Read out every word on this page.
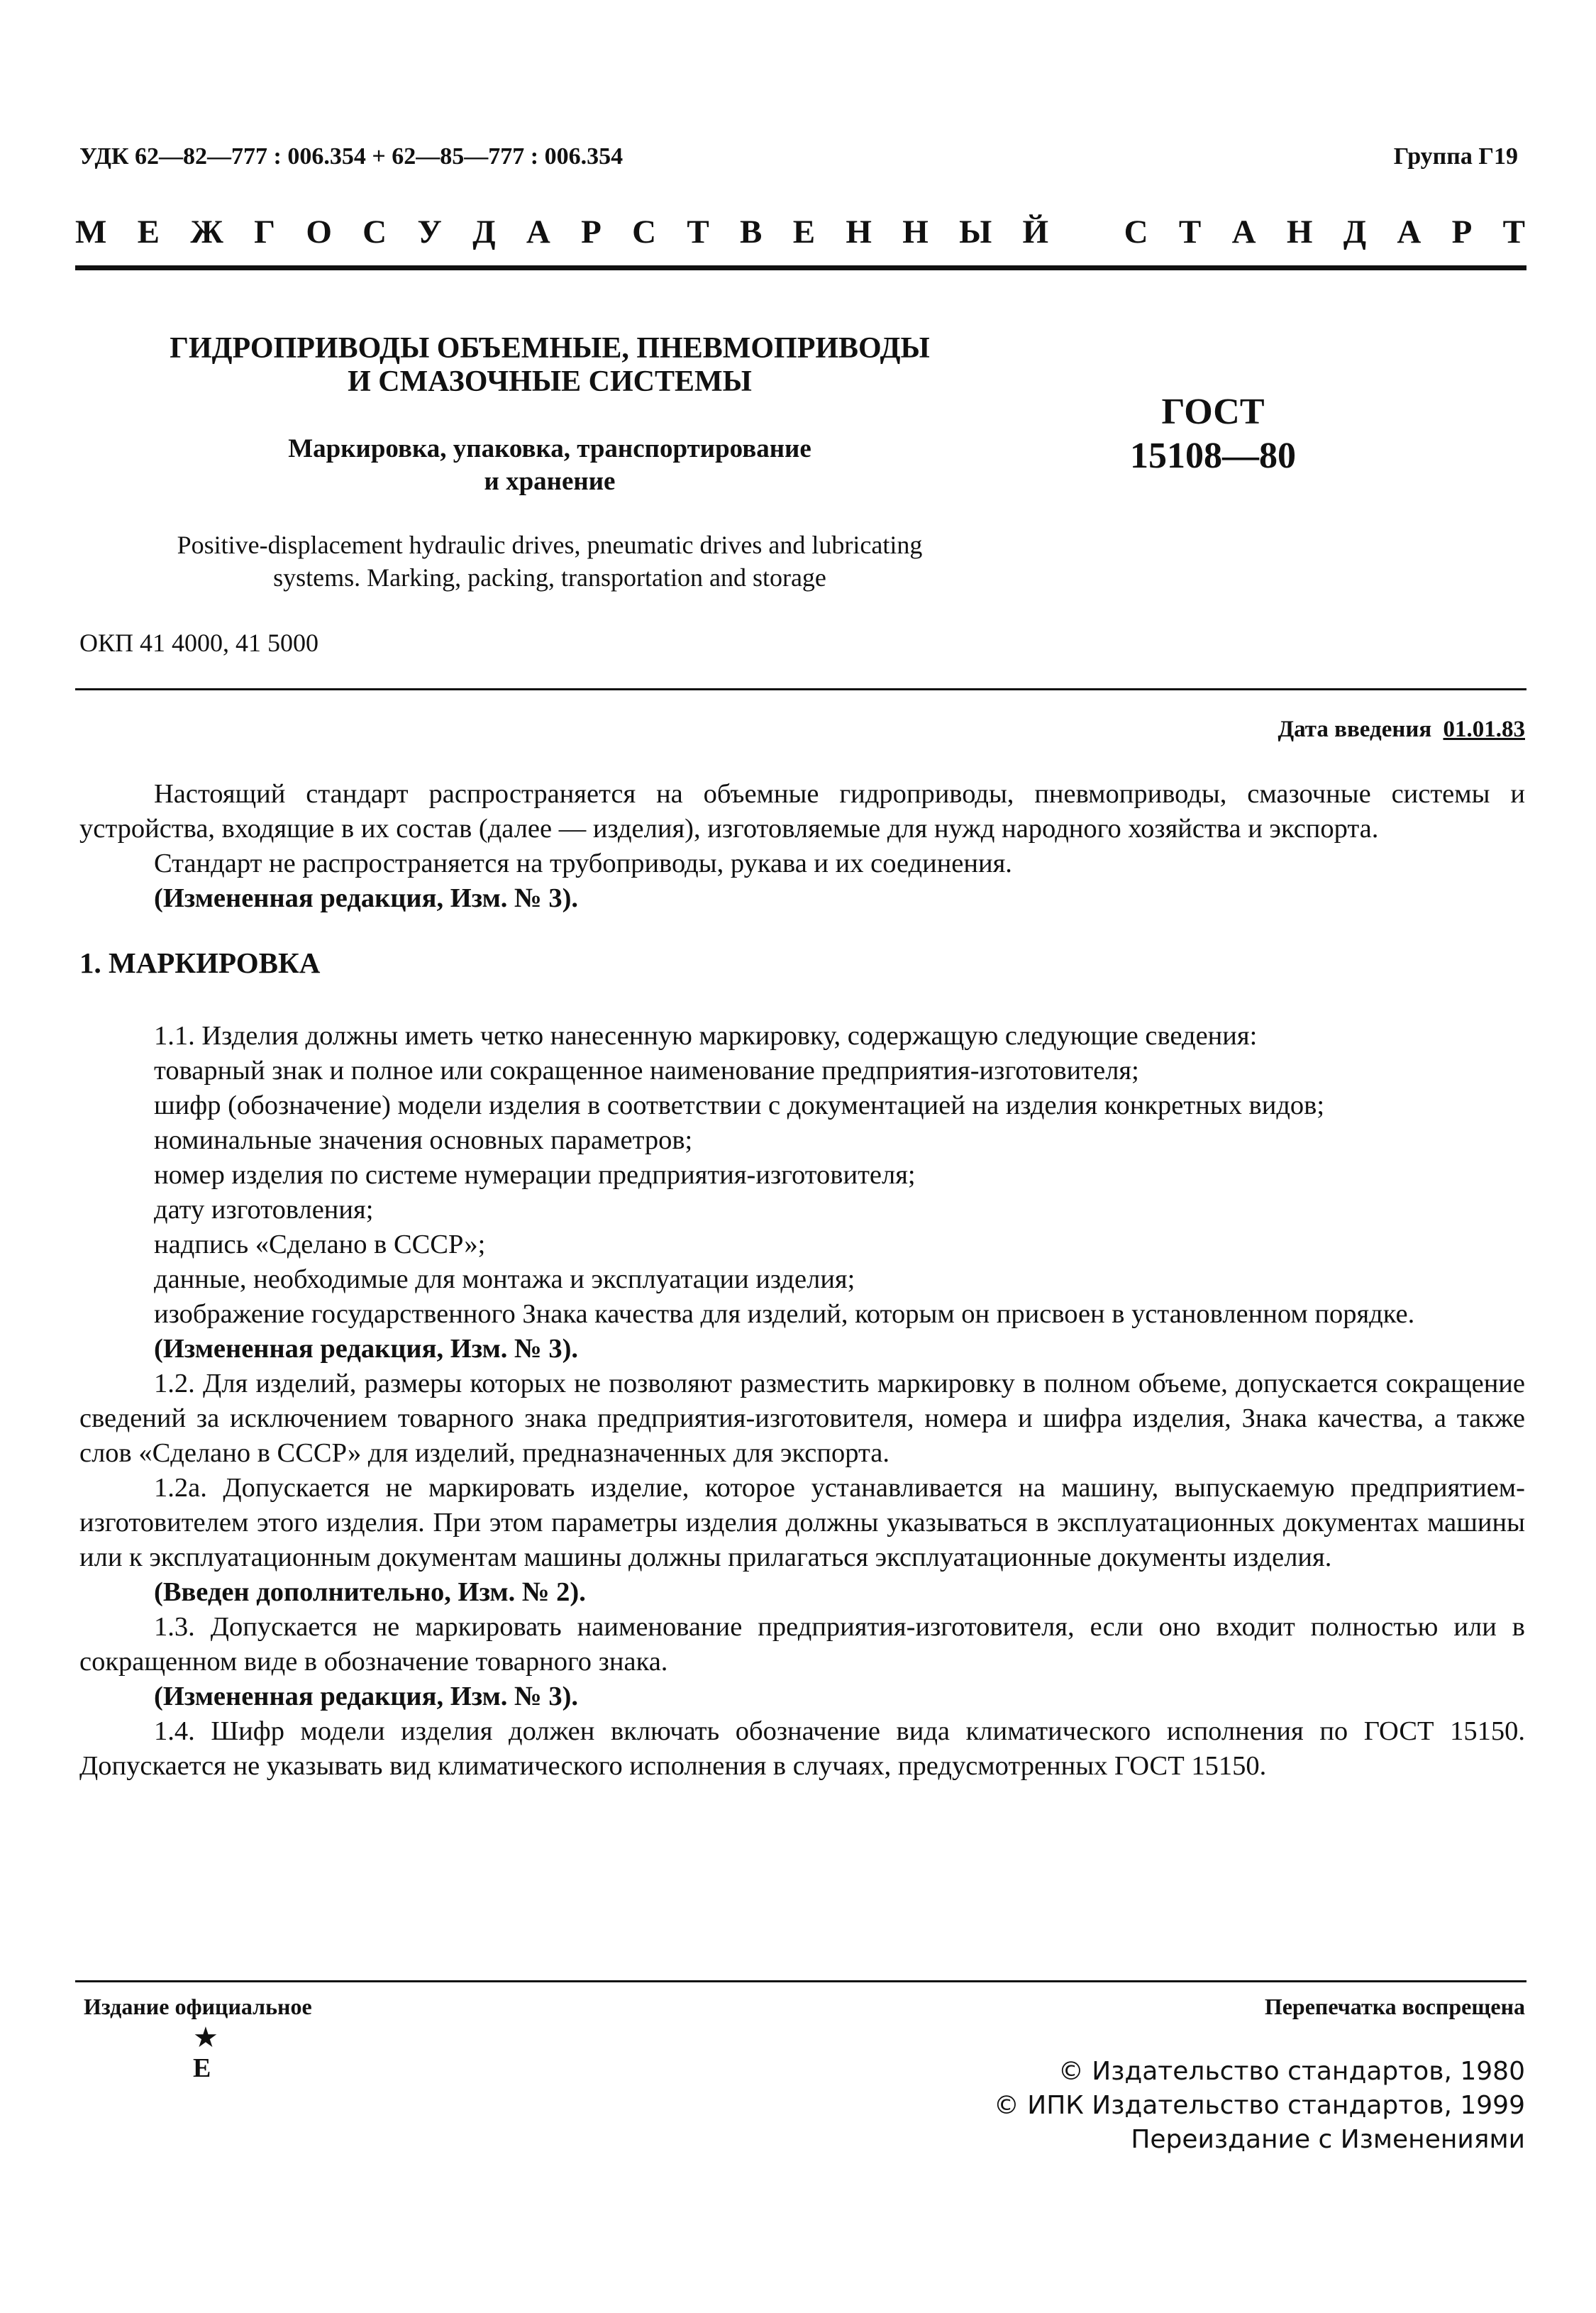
УДК 62—82—777 : 006.354 + 62—85—777 : 006.354	Группа Г19
М Е Ж Г О С У Д А Р С Т В Е Н Н Ы Й С Т А Н Д А Р Т
ГИДРОПРИВОДЫ ОБЪЕМНЫЕ, ПНЕВМОПРИВОДЫ
И СМАЗОЧНЫЕ СИСТЕМЫ
Маркировка, упаковка, транспортирование
и хранение
ГОСТ
15108—80
Positive-displacement hydraulic drives, pneumatic drives and lubricating
systems. Marking, packing, transportation and storage
ОКП 41 4000, 41 5000
Дата введения 01.01.83

Настоящий стандарт распространяется на объемные гидроприводы, пневмоприводы, смазочные системы и устройства, входящие в их состав (далее — изделия), изготовляемые для нужд народного хозяйства и экспорта.

Стандарт не распространяется на трубоприводы, рукава и их соединения.

(Измененная редакция, Изм. № 3).

1. МАРКИРОВКА

1.1. Изделия должны иметь четко нанесенную маркировку, содержащую следующие сведения:

товарный знак и полное или сокращенное наименование предприятия-изготовителя;

шифр (обозначение) модели изделия в соответствии с документацией на изделия конкретных видов;

номинальные значения основных параметров;

номер изделия по системе нумерации предприятия-изготовителя;

дату изготовления;

надпись «Сделано в СССР»;

данные, необходимые для монтажа и эксплуатации изделия;

изображение государственного Знака качества для изделий, которым он присвоен в установленном порядке.

(Измененная редакция, Изм. № 3).

1.2. Для изделий, размеры которых не позволяют разместить маркировку в полном объеме, допускается сокращение сведений за исключением товарного знака предприятия-изготовителя, номера и шифра изделия, Знака качества, а также слов «Сделано в СССР» для изделий, предназначенных для экспорта.

1.2а. Допускается не маркировать изделие, которое устанавливается на машину, выпускаемую предприятием-изготовителем этого изделия. При этом параметры изделия должны указываться в эксплуатационных документах машины или к эксплуатационным документам машины должны прилагаться эксплуатационные документы изделия.

(Введен дополнительно, Изм. № 2).

1.3. Допускается не маркировать наименование предприятия-изготовителя, если оно входит полностью или в сокращенном виде в обозначение товарного знака.

(Измененная редакция, Изм. № 3).

1.4. Шифр модели изделия должен включать обозначение вида климатического исполнения по ГОСТ 15150. Допускается не указывать вид климатического исполнения в случаях, предусмотренных ГОСТ 15150.

Издание официальное	Перепечатка воспрещена
★
Е	© Издательство стандартов, 1980
© ИПК Издательство стандартов, 1999
Переиздание с Изменениями
